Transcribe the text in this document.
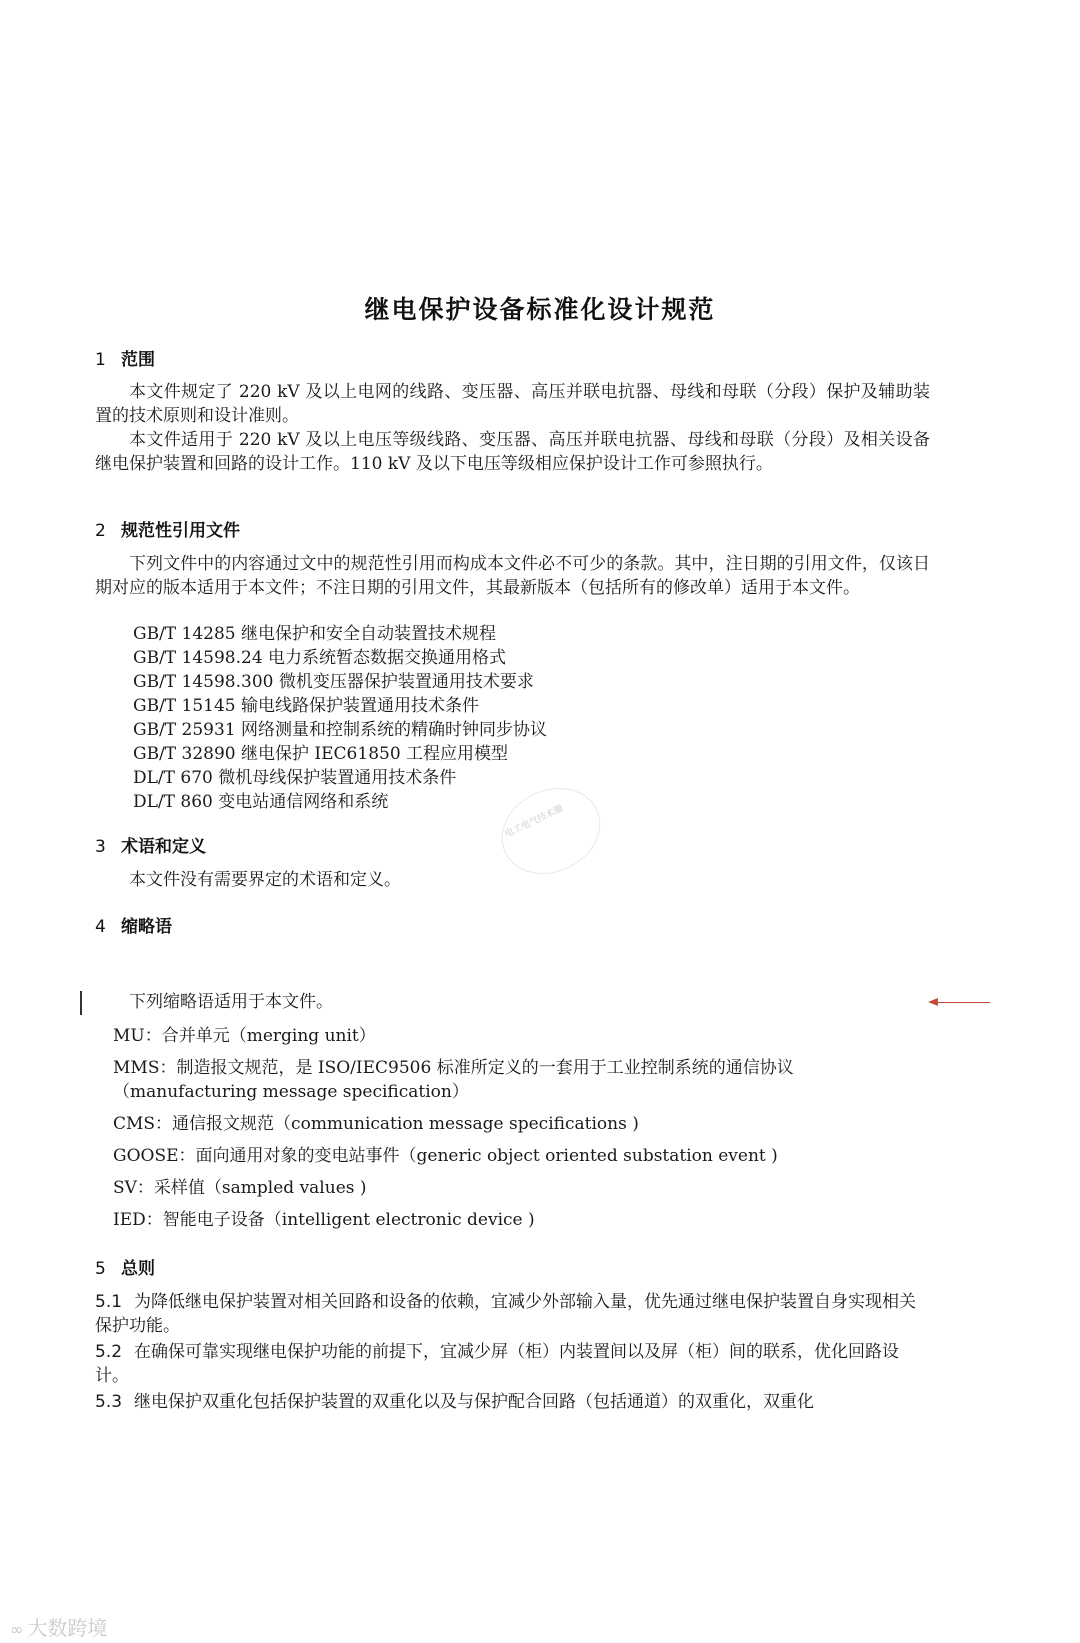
继电保护设备标准化设计规范
1 范围
本文件规定了 220 kV 及以上电网的线路、变压器、高压并联电抗器、母线和母联（分段）保护及辅助装置的技术原则和设计准则。
本文件适用于 220 kV 及以上电压等级线路、变压器、高压并联电抗器、母线和母联（分段）及相关设备继电保护装置和回路的设计工作。110 kV 及以下电压等级相应保护设计工作可参照执行。
2 规范性引用文件
下列文件中的内容通过文中的规范性引用而构成本文件必不可少的条款。其中，注日期的引用文件，仅该日期对应的版本适用于本文件；不注日期的引用文件，其最新版本（包括所有的修改单）适用于本文件。
GB/T 14285 继电保护和安全自动装置技术规程
GB/T 14598.24 电力系统暂态数据交换通用格式
GB/T 14598.300 微机变压器保护装置通用技术要求
GB/T 15145 输电线路保护装置通用技术条件
GB/T 25931 网络测量和控制系统的精确时钟同步协议
GB/T 32890 继电保护 IEC61850 工程应用模型
DL/T 670 微机母线保护装置通用技术条件
DL/T 860 变电站通信网络和系统
电工电气技术圈
3 术语和定义
本文件没有需要界定的术语和定义。
4 缩略语
下列缩略语适用于本文件。
MU：合并单元（merging unit）
MMS：制造报文规范，是 ISO/IEC9506 标准所定义的一套用于工业控制系统的通信协议（manufacturing message specification）
CMS：通信报文规范（communication message specifications )
GOOSE：面向通用对象的变电站事件（generic object oriented substation event )
SV：采样值（sampled values )
IED：智能电子设备（intelligent electronic device )
5 总则
5.1 为降低继电保护装置对相关回路和设备的依赖，宜减少外部输入量，优先通过继电保护装置自身实现相关保护功能。
5.2 在确保可靠实现继电保护功能的前提下，宜减少屏（柜）内装置间以及屏（柜）间的联系，优化回路设计。
5.3 继电保护双重化包括保护装置的双重化以及与保护配合回路（包括通道）的双重化，双重化
∞ 大数跨境
